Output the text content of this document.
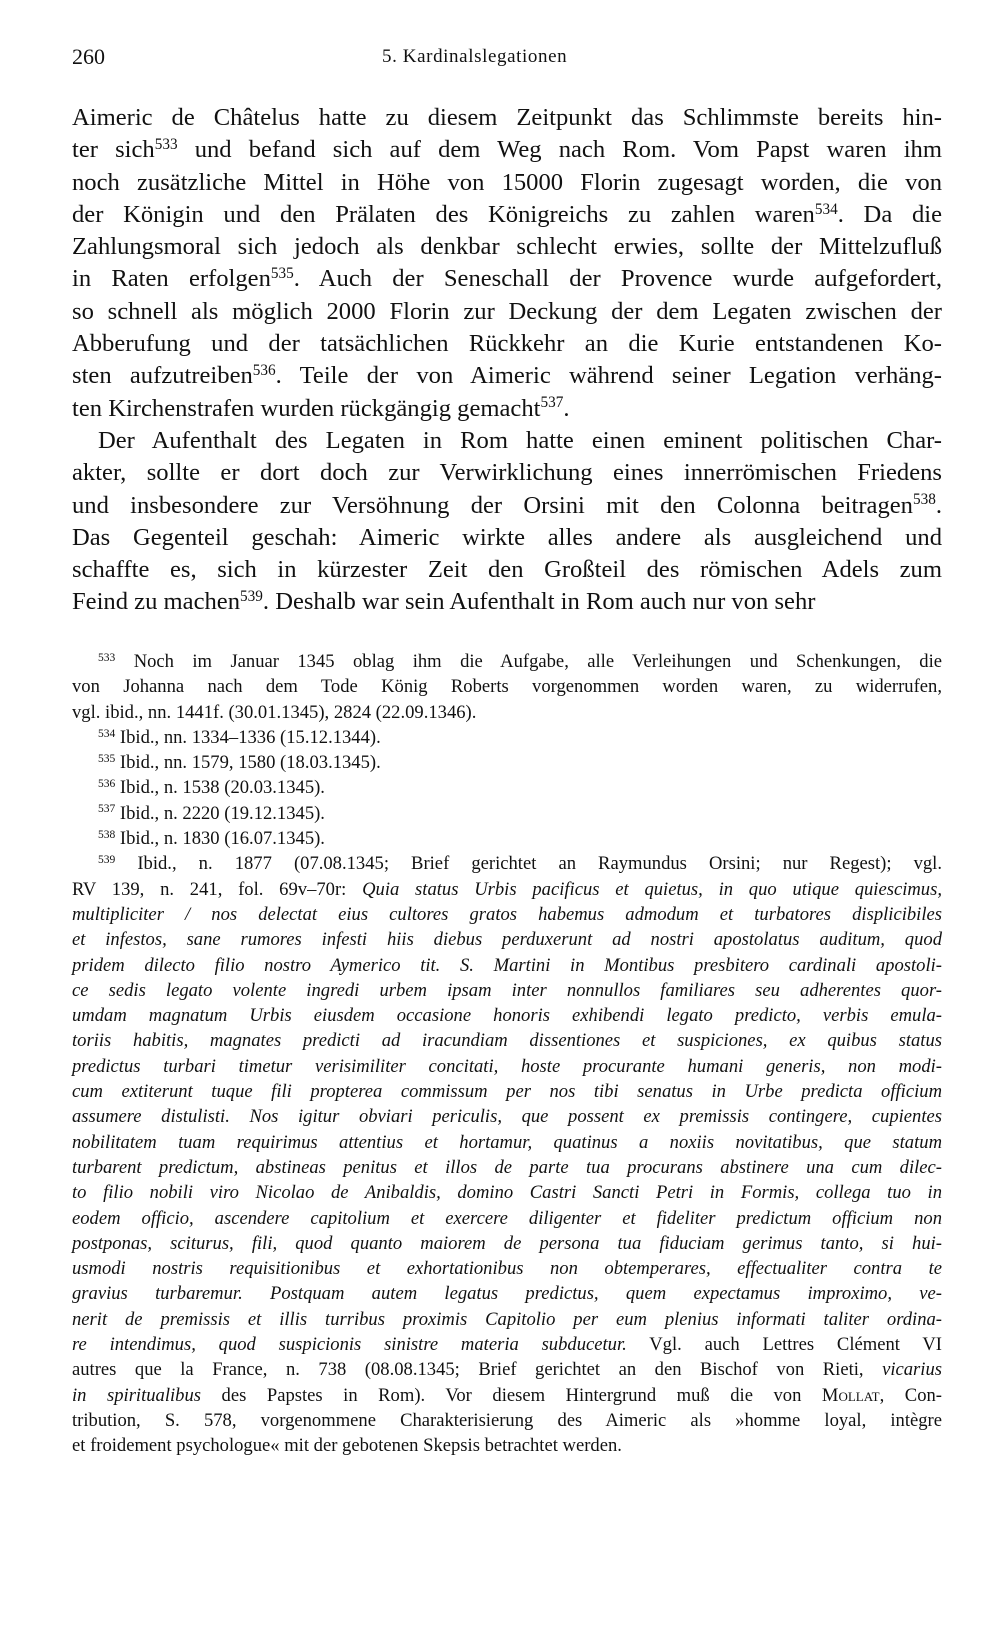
260	5. Kardinalslegationen
Aimeric de Châtelus hatte zu diesem Zeitpunkt das Schlimmste bereits hin-
ter sich$^{533}$ und befand sich auf dem Weg nach Rom. Vom Papst waren ihm
noch zusätzliche Mittel in Höhe von 15000 Florin zugesagt worden, die von
der Königin und den Prälaten des Königreichs zu zahlen waren$^{534}$. Da die
Zahlungsmoral sich jedoch als denkbar schlecht erwies, sollte der Mittelzufluß
in Raten erfolgen$^{535}$. Auch der Seneschall der Provence wurde aufgefordert,
so schnell als möglich 2000 Florin zur Deckung der dem Legaten zwischen der
Abberufung und der tatsächlichen Rückkehr an die Kurie entstandenen Ko-
sten aufzutreiben$^{536}$. Teile der von Aimeric während seiner Legation verhäng-
ten Kirchenstrafen wurden rückgängig gemacht$^{537}$.
Der Aufenthalt des Legaten in Rom hatte einen eminent politischen Char-
akter, sollte er dort doch zur Verwirklichung eines innerrömischen Friedens
und insbesondere zur Versöhnung der Orsini mit den Colonna beitragen$^{538}$.
Das Gegenteil geschah: Aimeric wirkte alles andere als ausgleichend und
schaffte es, sich in kürzester Zeit den Großteil des römischen Adels zum
Feind zu machen$^{539}$. Deshalb war sein Aufenthalt in Rom auch nur von sehr
$^{533}$ Noch im Januar 1345 oblag ihm die Aufgabe, alle Verleihungen und Schenkungen, die
von Johanna nach dem Tode König Roberts vorgenommen worden waren, zu widerrufen,
vgl. ibid., nn. 1441f. (30.01.1345), 2824 (22.09.1346).
$^{534}$ Ibid., nn. 1334–1336 (15.12.1344).
$^{535}$ Ibid., nn. 1579, 1580 (18.03.1345).
$^{536}$ Ibid., n. 1538 (20.03.1345).
$^{537}$ Ibid., n. 2220 (19.12.1345).
$^{538}$ Ibid., n. 1830 (16.07.1345).
$^{539}$ Ibid., n. 1877 (07.08.1345; Brief gerichtet an Raymundus Orsini; nur Regest); vgl.
RV 139, n. 241, fol. 69v–70r: Quia status Urbis pacificus et quietus, in quo utique quiescimus,
multipliciter / nos delectat eius cultores gratos habemus admodum et turbatores displicibiles
et infestos, sane rumores infesti hiis diebus perduxerunt ad nostri apostolatus auditum, quod
pridem dilecto filio nostro Aymerico tit. S. Martini in Montibus presbitero cardinali apostoli-
ce sedis legato volente ingredi urbem ipsam inter nonnullos familiares seu adherentes quor-
umdam magnatum Urbis eiusdem occasione honoris exhibendi legato predicto, verbis emula-
toriis habitis, magnates predicti ad iracundiam dissentiones et suspiciones, ex quibus status
predictus turbari timetur verisimiliter concitati, hoste procurante humani generis, non modi-
cum extiterunt tuque fili propterea commissum per nos tibi senatus in Urbe predicta officium
assumere distulisti. Nos igitur obviari periculis, que possent ex premissis contingere, cupientes
nobilitatem tuam requirimus attentius et hortamur, quatinus a noxiis novitatibus, que statum
turbarent predictum, abstineas penitus et illos de parte tua procurans abstinere una cum dilec-
to filio nobili viro Nicolao de Anibaldis, domino Castri Sancti Petri in Formis, collega tuo in
eodem officio, ascendere capitolium et exercere diligenter et fideliter predictum officium non
postponas, sciturus, fili, quod quanto maiorem de persona tua fiduciam gerimus tanto, si hui-
usmodi nostris requisitionibus et exhortationibus non obtemperares, effectualiter contra te
gravius turbaremur. Postquam autem legatus predictus, quem expectamus improximo, ve-
nerit de premissis et illis turribus proximis Capitolio per eum plenius informati taliter ordina-
re intendimus, quod suspicionis sinistre materia subducetur. Vgl. auch Lettres Clément VI
autres que la France, n. 738 (08.08.1345; Brief gerichtet an den Bischof von Rieti, vicarius
in spiritualibus des Papstes in Rom). Vor diesem Hintergrund muß die von Mollat, Con-
tribution, S. 578, vorgenommene Charakterisierung des Aimeric als »homme loyal, intègre
et froidement psychologue« mit der gebotenen Skepsis betrachtet werden.
